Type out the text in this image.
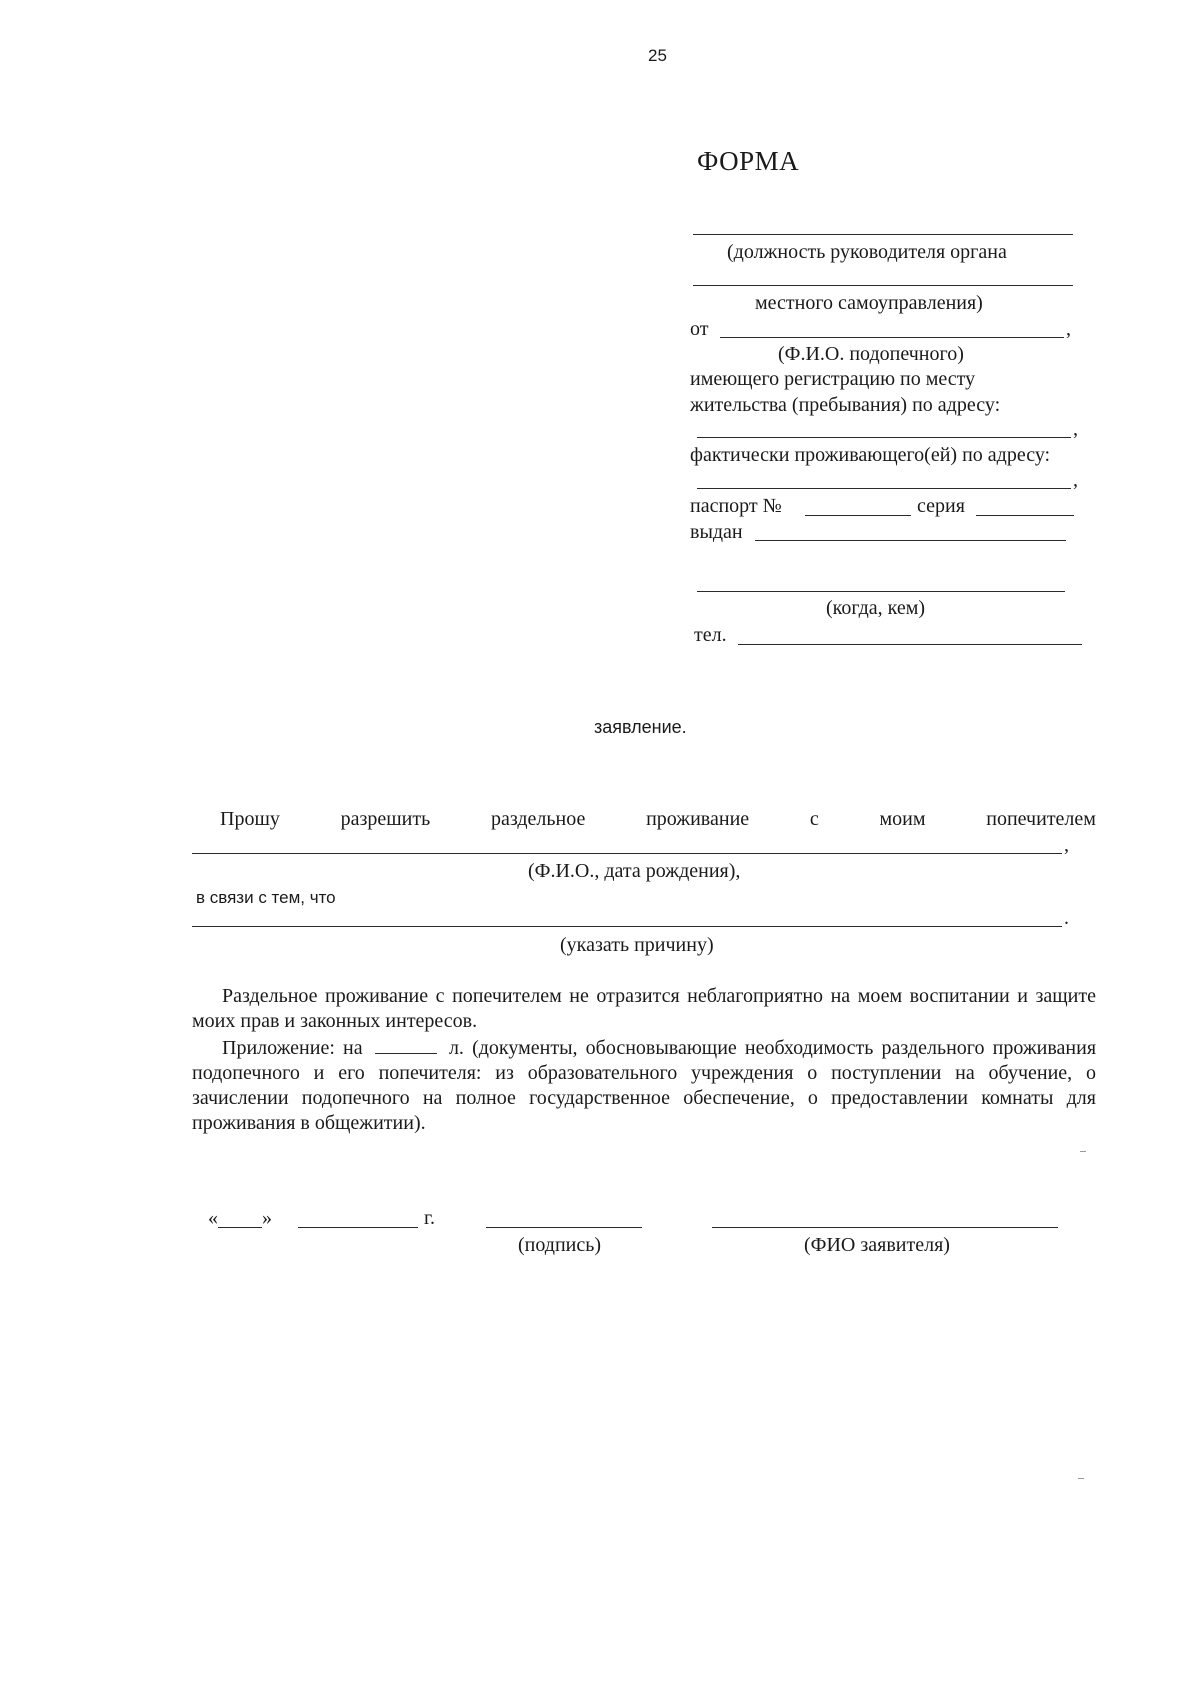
25
ФОРМА
(должность руководителя органа
местного самоуправления)
от	,
(Ф.И.О. подопечного)
имеющего регистрацию по месту
жительства (пребывания) по адресу:
,
фактически проживающего(ей) по адресу:
,
паспорт №	серия
выдан
(когда, кем)
тел.
заявление.
Прошу	разрешить	раздельное	проживание	с	моим	попечителем
,
(Ф.И.О., дата рождения),
в связи с тем, что
.
(указать причину)
Раздельное проживание с попечителем не отразится неблагоприятно на моем воспитании и защите моих прав и законных интересов.
Приложение: на	л. (документы, обосновывающие необходимость раздельного проживания подопечного и его попечителя: из образовательного учреждения о поступлении на обучение, о зачислении подопечного на полное государственное обеспечение, о предоставлении комнаты для проживания в общежитии).
« »	г.
(подпись)	(ФИО заявителя)
